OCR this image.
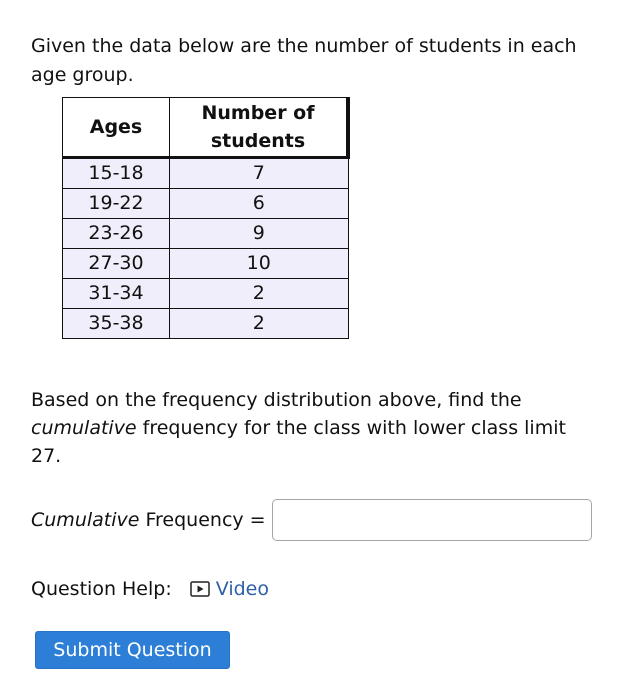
Given the data below are the number of students in each
age group.

Ages	Number of students
15-18	7
19-22	6
23-26	9
27-30	10
31-34	2
35-38	2

Based on the frequency distribution above, find the
cumulative frequency for the class with lower class limit
27.

Cumulative Frequency =
Question Help: Video
Submit Question
